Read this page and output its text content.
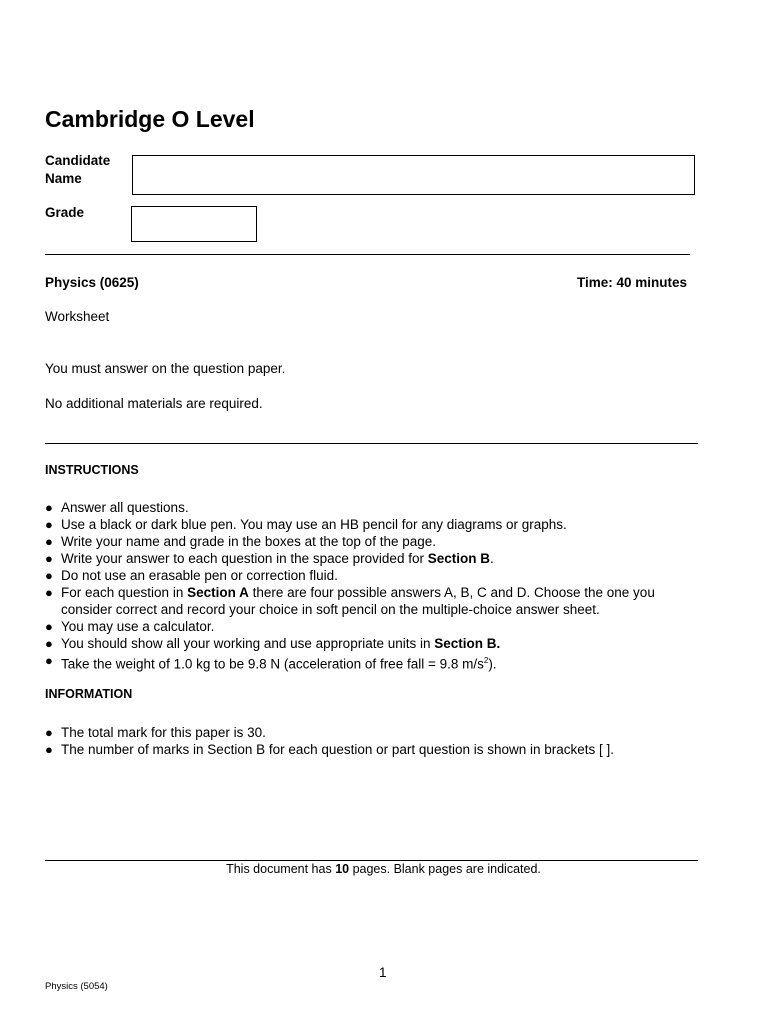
Cambridge O Level
Candidate
Name
Grade
Physics (0625)	Time: 40 minutes
Worksheet
You must answer on the question paper.
No additional materials are required.
INSTRUCTIONS
● Answer all questions.
● Use a black or dark blue pen. You may use an HB pencil for any diagrams or graphs.
● Write your name and grade in the boxes at the top of the page.
● Write your answer to each question in the space provided for Section B.
● Do not use an erasable pen or correction fluid.
● For each question in Section A there are four possible answers A, B, C and D. Choose the one you consider correct and record your choice in soft pencil on the multiple-choice answer sheet.
● You may use a calculator.
● You should show all your working and use appropriate units in Section B.
● Take the weight of 1.0 kg to be 9.8 N (acceleration of free fall = 9.8 $m/s^2$).
INFORMATION
● The total mark for this paper is 30.
● The number of marks in Section B for each question or part question is shown in brackets [ ].
This document has 10 pages. Blank pages are indicated.
1
Physics (5054)
